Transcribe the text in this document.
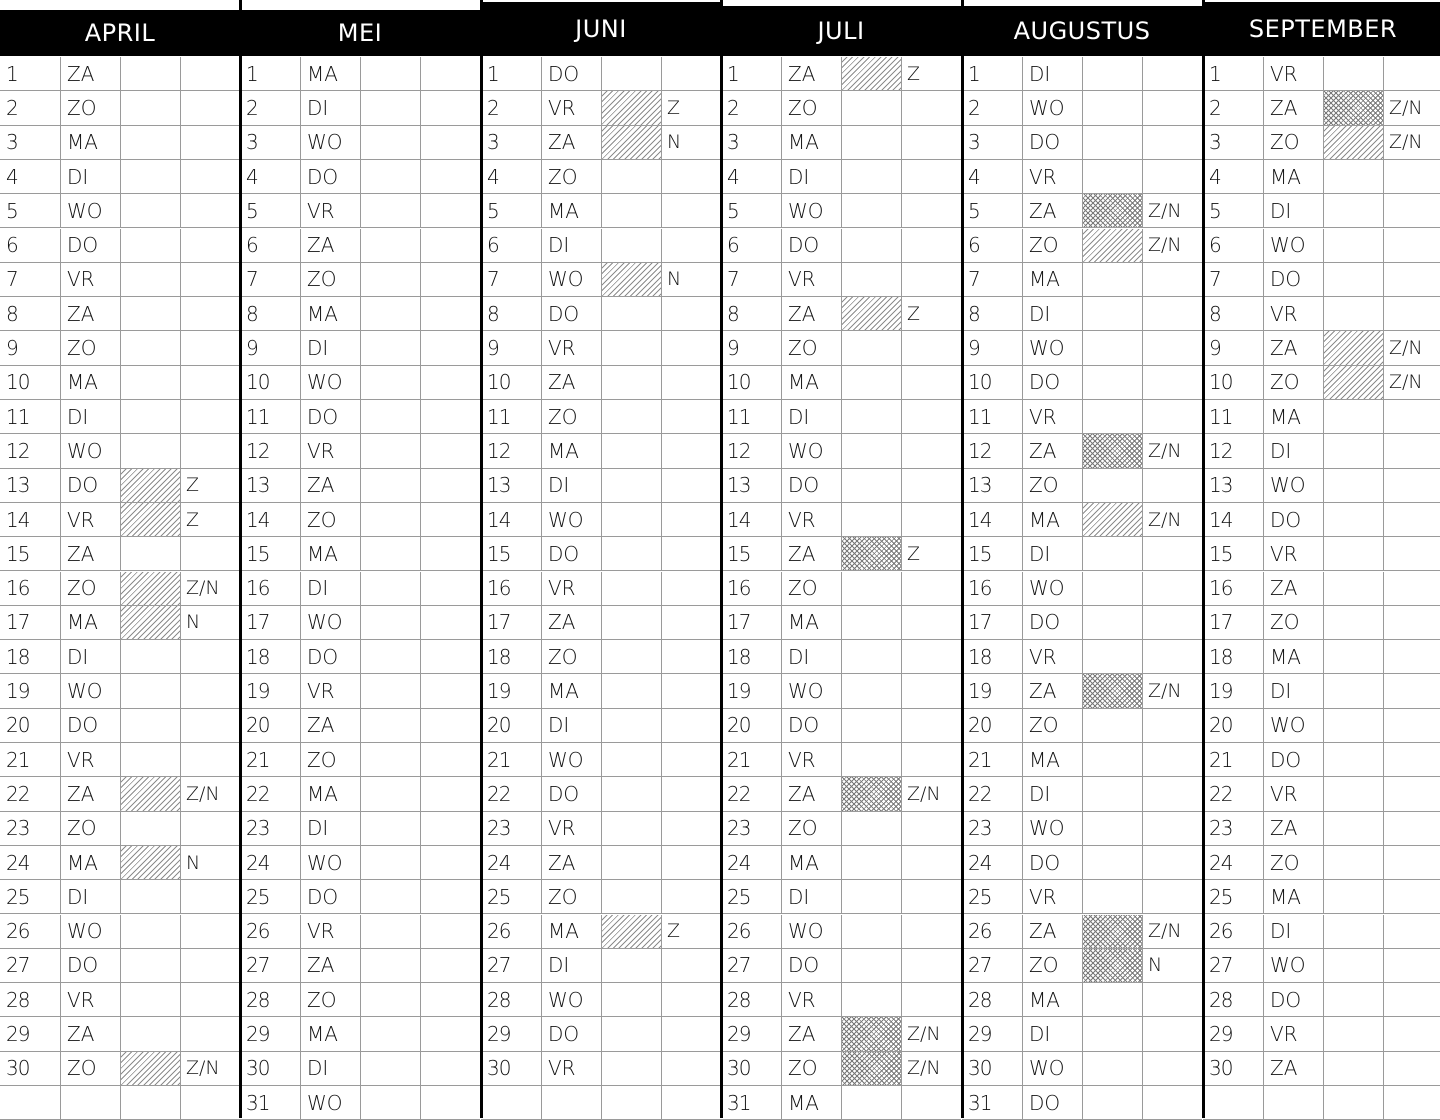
APRIL
1	ZA
2	ZO
3	MA
4	DI
5	WO
6	DO
7	VR
8	ZA
9	ZO
10	MA
11	DI
12	WO
13	DO	Z
14	VR	Z
15	ZA
16	ZO	Z/N
17	MA	N
18	DI
19	WO
20	DO
21	VR
22	ZA	Z/N
23	ZO
24	MA	N
25	DI
26	WO
27	DO
28	VR
29	ZA
30	ZO	Z/N
MEI
1	MA
2	DI
3	WO
4	DO
5	VR
6	ZA
7	ZO
8	MA
9	DI
10	WO
11	DO
12	VR
13	ZA
14	ZO
15	MA
16	DI
17	WO
18	DO
19	VR
20	ZA
21	ZO
22	MA
23	DI
24	WO
25	DO
26	VR
27	ZA
28	ZO
29	MA
30	DI
31	WO
JUNI
1	DO
2	VR	Z
3	ZA	N
4	ZO
5	MA
6	DI
7	WO	N
8	DO
9	VR
10	ZA
11	ZO
12	MA
13	DI
14	WO
15	DO
16	VR
17	ZA
18	ZO
19	MA
20	DI
21	WO
22	DO
23	VR
24	ZA
25	ZO
26	MA	Z
27	DI
28	WO
29	DO
30	VR
JULI
1	ZA	Z
2	ZO
3	MA
4	DI
5	WO
6	DO
7	VR
8	ZA	Z
9	ZO
10	MA
11	DI
12	WO
13	DO
14	VR
15	ZA	Z
16	ZO
17	MA
18	DI
19	WO
20	DO
21	VR
22	ZA	Z/N
23	ZO
24	MA
25	DI
26	WO
27	DO
28	VR
29	ZA	Z/N
30	ZO	Z/N
31	MA
AUGUSTUS
1	DI
2	WO
3	DO
4	VR
5	ZA	Z/N
6	ZO	Z/N
7	MA
8	DI
9	WO
10	DO
11	VR
12	ZA	Z/N
13	ZO
14	MA	Z/N
15	DI
16	WO
17	DO
18	VR
19	ZA	Z/N
20	ZO
21	MA
22	DI
23	WO
24	DO
25	VR
26	ZA	Z/N
27	ZO	N
28	MA
29	DI
30	WO
31	DO
SEPTEMBER
1	VR
2	ZA	Z/N
3	ZO	Z/N
4	MA
5	DI
6	WO
7	DO
8	VR
9	ZA	Z/N
10	ZO	Z/N
11	MA
12	DI
13	WO
14	DO
15	VR
16	ZA
17	ZO
18	MA
19	DI
20	WO
21	DO
22	VR
23	ZA
24	ZO
25	MA
26	DI
27	WO
28	DO
29	VR
30	ZA
